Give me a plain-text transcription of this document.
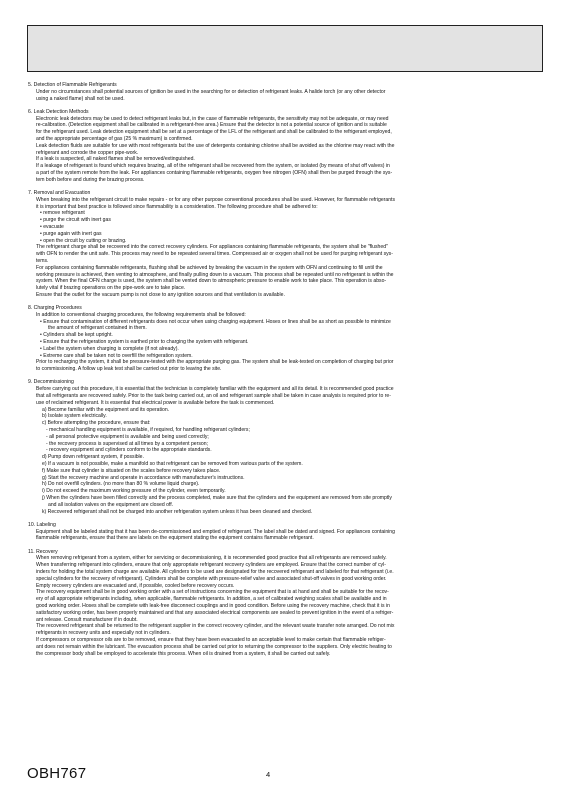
5. Detection of Flammable Refrigerants
Under no circumstances shall potential sources of ignition be used in the searching for or detection of refrigerant leaks. A halide torch (or any other detector
using a naked flame) shall not be used.
6. Leak Detection Methods
Electronic leak detectors may be used to detect refrigerant leaks but, in the case of flammable refrigerants, the sensitivity may not be adequate, or may need
re-calibration. (Detection equipment shall be calibrated in a refrigerant-free area.) Ensure that the detector is not a potential source of ignition and is suitable
for the refrigerant used. Leak detection equipment shall be set at a percentage of the LFL of the refrigerant and shall be calibrated to the refrigerant employed,
and the appropriate percentage of gas (25 % maximum) is confirmed.
Leak detection fluids are suitable for use with most refrigerants but the use of detergents containing chlorine shall be avoided as the chlorine may react with the
refrigerant and corrode the copper pipe-work.
If a leak is suspected, all naked flames shall be removed/extinguished.
If a leakage of refrigerant is found which requires brazing, all of the refrigerant shall be recovered from the system, or isolated (by means of shut off valves) in
a part of the system remote from the leak. For appliances containing flammable refrigerants, oxygen free nitrogen (OFN) shall then be purged through the sys-
tem both before and during the brazing process.
7. Removal and Evacuation
When breaking into the refrigerant circuit to make repairs - or for any other purpose conventional procedures shall be used. However, for flammable refrigerants
it is important that best practice is followed since flammability is a consideration. The following procedure shall be adhered to:
• remove refrigerant
• purge the circuit with inert gas
• evacuate
• purge again with inert gas
• open the circuit by cutting or brazing.
The refrigerant charge shall be recovered into the correct recovery cylinders. For appliances containing flammable refrigerants, the system shall be "flushed"
with OFN to render the unit safe. This process may need to be repeated several times. Compressed air or oxygen shall not be used for purging refrigerant sys-
tems.
For appliances containing flammable refrigerants, flushing shall be achieved by breaking the vacuum in the system with OFN and continuing to fill until the
working pressure is achieved, then venting to atmosphere, and finally pulling down to a vacuum. This process shall be repeated until no refrigerant is within the
system. When the final OFN charge is used, the system shall be vented down to atmospheric pressure to enable work to take place. This operation is abso-
lutely vital if brazing operations on the pipe-work are to take place.
Ensure that the outlet for the vacuum pump is not close to any ignition sources and that ventilation is available.
8. Charging Procedures
In addition to conventional charging procedures, the following requirements shall be followed:
• Ensure that contamination of different refrigerants does not occur when using charging equipment. Hoses or lines shall be as short as possible to minimize
the amount of refrigerant contained in them.
• Cylinders shall be kept upright.
• Ensure that the refrigeration system is earthed prior to charging the system with refrigerant.
• Label the system when charging is complete (if not already).
• Extreme care shall be taken not to overfill the refrigeration system.
Prior to recharging the system, it shall be pressure-tested with the appropriate purging gas. The system shall be leak-tested on completion of charging but prior
to commissioning. A follow up leak test shall be carried out prior to leaving the site.
9. Decommissioning
Before carrying out this procedure, it is essential that the technician is completely familiar with the equipment and all its detail. It is recommended good practice
that all refrigerants are recovered safely. Prior to the task being carried out, an oil and refrigerant sample shall be taken in case analysis is required prior to re-
use of reclaimed refrigerant. It is essential that electrical power is available before the task is commenced.
a) Become familiar with the equipment and its operation.
b) Isolate system electrically.
c) Before attempting the procedure, ensure that:
- mechanical handling equipment is available, if required, for handling refrigerant cylinders;
- all personal protective equipment is available and being used correctly;
- the recovery process is supervised at all times by a competent person;
- recovery equipment and cylinders conform to the appropriate standards.
d) Pump down refrigerant system, if possible.
e) If a vacuum is not possible, make a manifold so that refrigerant can be removed from various parts of the system.
f) Make sure that cylinder is situated on the scales before recovery takes place.
g) Start the recovery machine and operate in accordance with manufacturer's instructions.
h) Do not overfill cylinders. (no more than 80 % volume liquid charge).
i) Do not exceed the maximum working pressure of the cylinder, even temporarily.
j) When the cylinders have been filled correctly and the process completed, make sure that the cylinders and the equipment are removed from site promptly
and all isolation valves on the equipment are closed off.
k) Recovered refrigerant shall not be charged into another refrigeration system unless it has been cleaned and checked.
10. Labeling
Equipment shall be labeled stating that it has been de-commissioned and emptied of refrigerant. The label shall be dated and signed. For appliances containing
flammable refrigerants, ensure that there are labels on the equipment stating the equipment contains flammable refrigerant.
11. Recovery
When removing refrigerant from a system, either for servicing or decommissioning, it is recommended good practice that all refrigerants are removed safely.
When transferring refrigerant into cylinders, ensure that only appropriate refrigerant recovery cylinders are employed. Ensure that the correct number of cyl-
inders for holding the total system charge are available. All cylinders to be used are designated for the recovered refrigerant and labeled for that refrigerant (i.e.
special cylinders for the recovery of refrigerant). Cylinders shall be complete with pressure-relief valve and associated shut-off valves in good working order.
Empty recovery cylinders are evacuated and, if possible, cooled before recovery occurs.
The recovery equipment shall be in good working order with a set of instructions concerning the equipment that is at hand and shall be suitable for the recov-
ery of all appropriate refrigerants including, when applicable, flammable refrigerants. In addition, a set of calibrated weighing scales shall be available and in
good working order. Hoses shall be complete with leak-free disconnect couplings and in good condition. Before using the recovery machine, check that it is in
satisfactory working order, has been properly maintained and that any associated electrical components are sealed to prevent ignition in the event of a refriger-
ant release. Consult manufacturer if in doubt.
The recovered refrigerant shall be returned to the refrigerant supplier in the correct recovery cylinder, and the relevant waste transfer note arranged. Do not mix
refrigerants in recovery units and especially not in cylinders.
If compressors or compressor oils are to be removed, ensure that they have been evacuated to an acceptable level to make certain that flammable refriger-
ant does not remain within the lubricant. The evacuation process shall be carried out prior to returning the compressor to the suppliers. Only electric heating to
the compressor body shall be employed to accelerate this process. When oil is drained from a system, it shall be carried out safely.
OBH767	4
